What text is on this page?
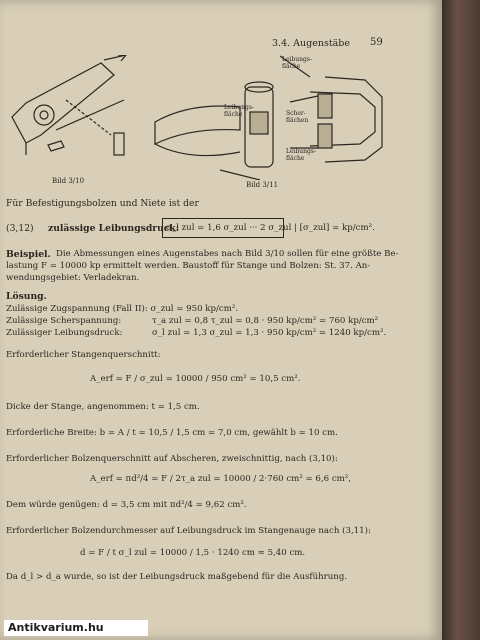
3.4. Augenstäbe 59
Bild 3/10
Leibungs-fläche
Leibungs-fläche	Scher-flächen
Leibungs-fläche
Bild 3/11
Für Befestigungsbolzen und Niete ist der
(3,12) zulässige Leibungsdruck:
σ_l zul = 1,6 σ_zul ··· 2 σ_zul | [σ_zul] = kp/cm².
Beispiel. Die Abmessungen eines Augenstabes nach Bild 3/10 sollen für eine größte Be-
lastung F = 10000 kp ermittelt werden. Baustoff für Stange und Bolzen: St. 37. An-
wendungsgebiet: Verladekran.
Lösung.
Zulässige Zugspannung (Fall II): σ_zul = 950 kp/cm².
Zulässige Scherspannung:	τ_a zul = 0,8 τ_zul = 0,8 · 950 kp/cm² = 760 kp/cm²
Zulässiger Leibungsdruck:	σ_l zul = 1,3 σ_zul = 1,3 · 950 kp/cm² = 1240 kp/cm².
Erforderlicher Stangenquerschnitt:
A_erf = F / σ_zul = 10000 / 950 cm² = 10,5 cm².
Dicke der Stange, angenommen: t = 1,5 cm.
Erforderliche Breite: b = A / t = 10,5 / 1,5 cm = 7,0 cm, gewählt b = 10 cm.
Erforderlicher Bolzenquerschnitt auf Abscheren, zweischnittig, nach (3,10):
A_erf = πd²/4 = F / 2τ_a zul = 10000 / 2·760 cm² = 6,6 cm²,
Dem würde genügen: d = 3,5 cm mit πd²/4 = 9,62 cm².
Erforderlicher Bolzendurchmesser auf Leibungsdruck im Stangenauge nach (3,11):
d = F / t σ_l zul = 10000 / 1,5 · 1240 cm ≈ 5,40 cm.
Da d_l > d_a wurde, so ist der Leibungsdruck maßgebend für die Ausführung.
Antikvarium.hu
